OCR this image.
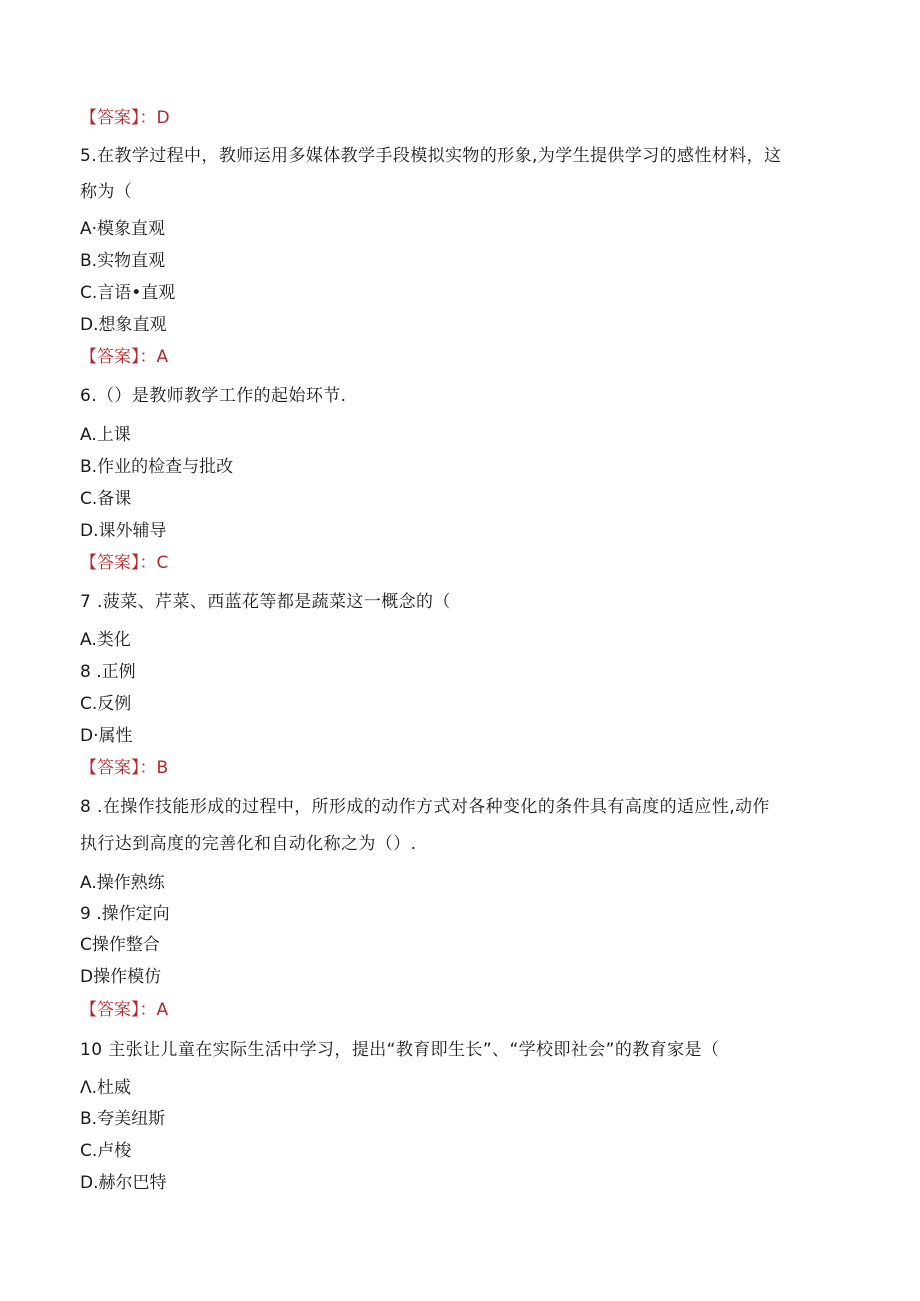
【答案】：D
5.在教学过程中，教师运用多媒体教学手段模拟实物的形象,为学生提供学习的感性材料，这
称为（
A·模象直观
B.实物直观
C.言语•直观
D.想象直观
【答案】：A
6.（）是教师教学工作的起始环节.
A.上课
B.作业的检查与批改
C.备课
D.课外辅导
【答案】：C
7 .菠菜、芹菜、西蓝花等都是蔬菜这一概念的（
A.类化
8 .正例
C.反例
D·属性
【答案】：B
8 .在操作技能形成的过程中，所形成的动作方式对各种变化的条件具有高度的适应性,动作
执行达到高度的完善化和自动化称之为（）.
A.操作熟练
9 .操作定向
C操作整合
D操作模仿
【答案】：A
10 主张让儿童在实际生活中学习，提出“教育即生长”、“学校即社会”的教育家是（
Λ.杜威
B.夸美纽斯
C.卢梭
D.赫尔巴特
